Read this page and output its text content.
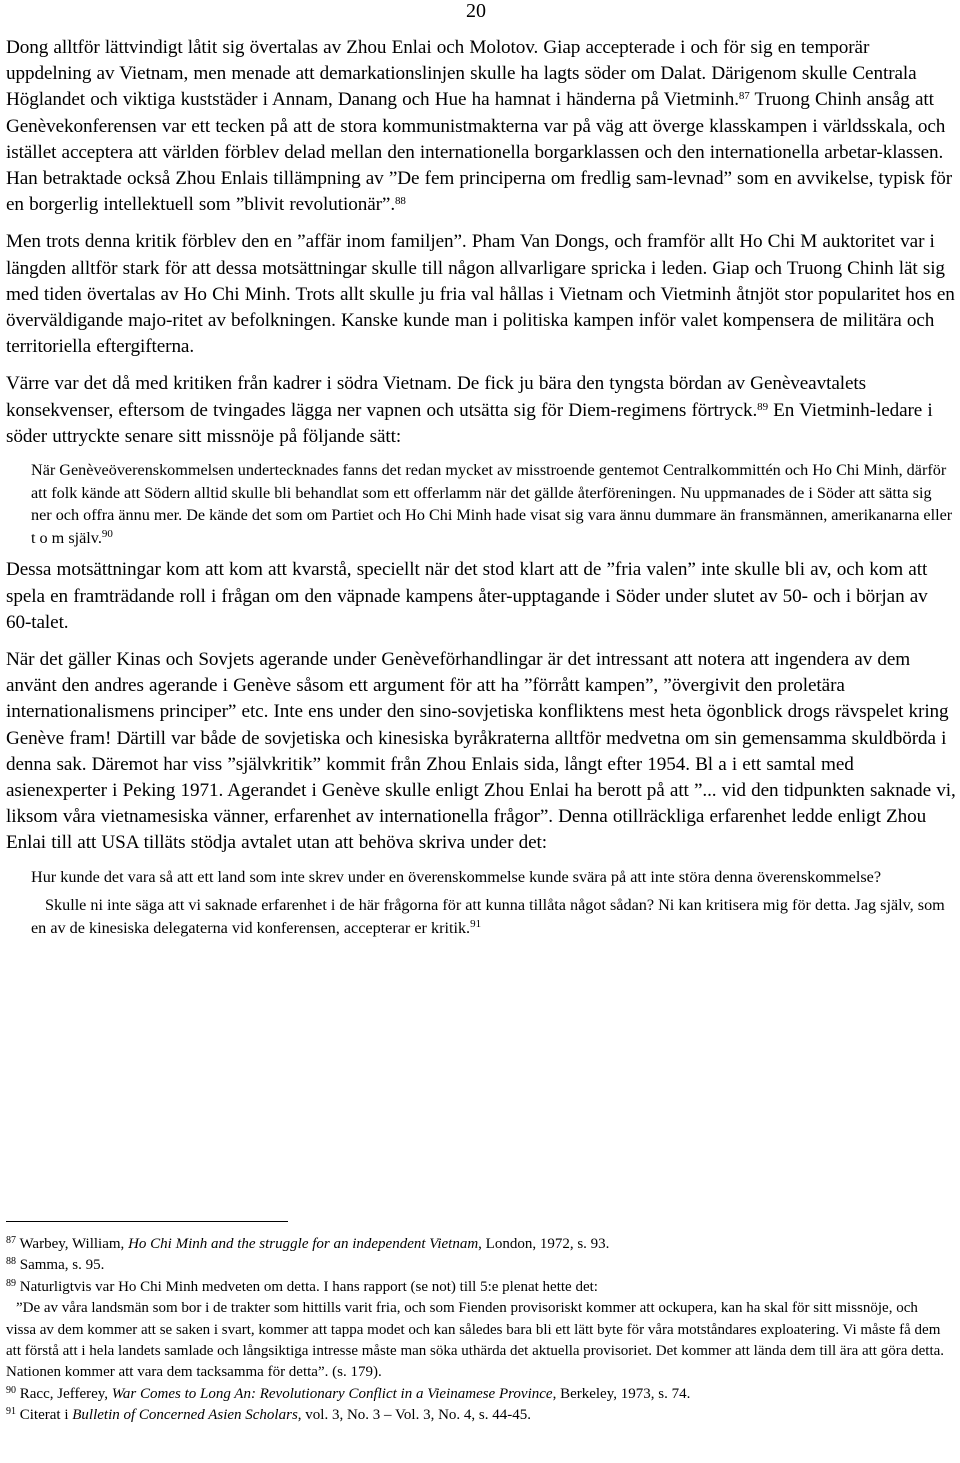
20

Dong alltför lättvindigt låtit sig övertalas av Zhou Enlai och Molotov. Giap accepterade i och för sig en temporär uppdelning av Vietnam, men menade att demarkationslinjen skulle ha lagts söder om Dalat. Därigenom skulle Centrala Höglandet och viktiga kuststäder i Annam, Danang och Hue ha hamnat i händerna på Vietminh.$^{87}$ Truong Chinh ansåg att Genèvekonferensen var ett tecken på att de stora kommunistmakterna var på väg att överge klasskampen i världsskala, och istället acceptera att världen förblev delad mellan den internationella borgarklassen och den internationella arbetar-klassen. Han betraktade också Zhou Enlais tillämpning av ”De fem principerna om fredlig sam-levnad” som en avvikelse, typisk för en borgerlig intellektuell som ”blivit revolutionär”.$^{88}$

Men trots denna kritik förblev den en ”affär inom familjen”. Pham Van Dongs, och framför allt Ho Chi M auktoritet var i längden alltför stark för att dessa motsättningar skulle till någon allvarligare spricka i leden. Giap och Truong Chinh lät sig med tiden övertalas av Ho Chi Minh. Trots allt skulle ju fria val hållas i Vietnam och Vietminh åtnjöt stor popularitet hos en överväldigande majo-ritet av befolkningen. Kanske kunde man i politiska kampen inför valet kompensera de militära och territoriella eftergifterna.

Värre var det då med kritiken från kadrer i södra Vietnam. De fick ju bära den tyngsta bördan av Genèveavtalets konsekvenser, eftersom de tvingades lägga ner vapnen och utsätta sig för Diem-regimens förtryck.$^{89}$ En Vietminh-ledare i söder uttryckte senare sitt missnöje på följande sätt:

När Genèveöverenskommelsen undertecknades fanns det redan mycket av misstroende gentemot Centralkommittén och Ho Chi Minh, därför att folk kände att Södern alltid skulle bli behandlat som ett offerlamm när det gällde återföreningen. Nu uppmanades de i Söder att sätta sig ner och offra ännu mer. De kände det som om Partiet och Ho Chi Minh hade visat sig vara ännu dummare än fransmännen, amerikanarna eller t o m själv.$^{90}$

Dessa motsättningar kom att kom att kvarstå, speciellt när det stod klart att de ”fria valen” inte skulle bli av, och kom att spela en framträdande roll i frågan om den väpnade kampens åter-upptagande i Söder under slutet av 50- och i början av 60-talet.

När det gäller Kinas och Sovjets agerande under Genèveförhandlingar är det intressant att notera att ingendera av dem använt den andres agerande i Genève såsom ett argument för att ha ”förrått kampen”, ”övergivit den proletära internationalismens principer” etc. Inte ens under den sino-sovjetiska konfliktens mest heta ögonblick drogs rävspelet kring Genève fram! Därtill var både de sovjetiska och kinesiska byråkraterna alltför medvetna om sin gemensamma skuldbörda i denna sak. Däremot har viss ”självkritik” kommit från Zhou Enlais sida, långt efter 1954. Bl a i ett samtal med asienexperter i Peking 1971. Agerandet i Genève skulle enligt Zhou Enlai ha berott på att ”... vid den tidpunkten saknade vi, liksom våra vietnamesiska vänner, erfarenhet av internationella frågor”. Denna otillräckliga erfarenhet ledde enligt Zhou Enlai till att USA tilläts stödja avtalet utan att behöva skriva under det:

Hur kunde det vara så att ett land som inte skrev under en överenskommelse kunde svära på att inte störa denna överenskommelse?

Skulle ni inte säga att vi saknade erfarenhet i de här frågorna för att kunna tillåta något sådan? Ni kan kritisera mig för detta. Jag själv, som en av de kinesiska delegaterna vid konferensen, accepterar er kritik.$^{91}$

$^{87}$ Warbey, William, Ho Chi Minh and the struggle for an independent Vietnam, London, 1972, s. 93.

$^{88}$ Samma, s. 95.

$^{89}$ Naturligtvis var Ho Chi Minh medveten om detta. I hans rapport (se not) till 5:e plenat hette det:

”De av våra landsmän som bor i de trakter som hittills varit fria, och som Fienden provisoriskt kommer att ockupera, kan ha skal för sitt missnöje, och vissa av dem kommer att se saken i svart, kommer att tappa modet och kan således bara bli ett lätt byte för våra motståndares exploatering. Vi måste få dem att förstå att i hela landets samlade och långsiktiga intresse måste man söka uthärda det aktuella provisoriet. Det kommer att lända dem till ära att göra detta. Nationen kommer att vara dem tacksamma för detta”. (s. 179).

$^{90}$ Racc, Jefferey, War Comes to Long An: Revolutionary Conflict in a Vieinamese Province, Berkeley, 1973, s. 74.

$^{91}$ Citerat i Bulletin of Concerned Asien Scholars, vol. 3, No. 3 – Vol. 3, No. 4, s. 44-45.
